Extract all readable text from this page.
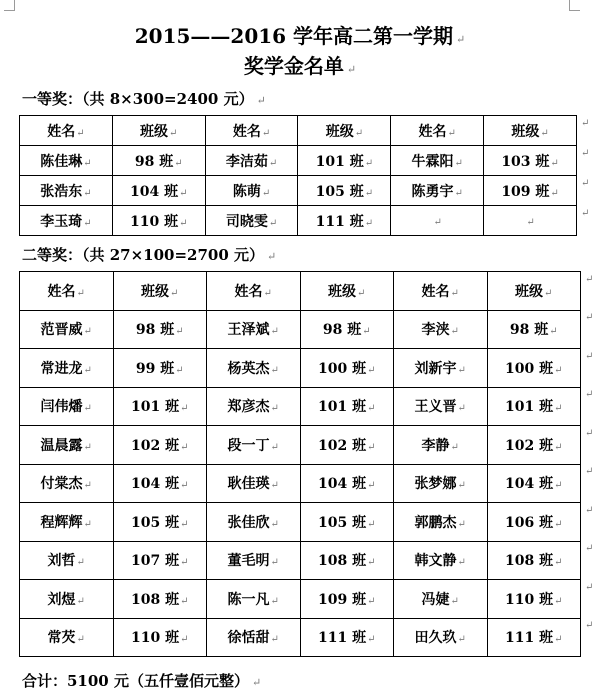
2015——2016 学年高二第一学期 ↵
奖学金名单 ↵
一等奖：（共 8×300=2400 元） ↵
姓名↵	班级↵	姓名↵	班级↵	姓名↵	班级↵
陈佳琳↵	98 班↵	李洁茹↵	101 班↵	牛霖阳↵	103 班↵
张浩东↵	104 班↵	陈萌↵	105 班↵	陈勇宇↵	109 班↵
李玉琦↵	110 班↵	司晓雯↵	111 班↵	↵	↵
二等奖：（共 27×100=2700 元） ↵
姓名↵	班级↵	姓名↵	班级↵	姓名↵	班级↵
范晋威↵	98 班↵	王泽斌↵	98 班↵	李浃↵	98 班↵
常进龙↵	99 班↵	杨英杰↵	100 班↵	刘新宇↵	100 班↵
闫伟燔↵	101 班↵	郑彦杰↵	101 班↵	王义晋↵	101 班↵
温晨露↵	102 班↵	段一丁↵	102 班↵	李静↵	102 班↵
付棠杰↵	104 班↵	耿佳瑛↵	104 班↵	张梦娜↵	104 班↵
程辉辉↵	105 班↵	张佳欣↵	105 班↵	郭鹏杰↵	106 班↵
刘哲↵	107 班↵	董毛明↵	108 班↵	韩文静↵	108 班↵
刘煜↵	108 班↵	陈一凡↵	109 班↵	冯婕↵	110 班↵
常芡↵	110 班↵	徐恬甜↵	111 班↵	田久玖↵	111 班↵
合计：5100 元（五仟壹佰元整） ↵
↵
↵
↵
↵
↵
↵
↵
↵
↵
↵
↵
↵
↵
↵
